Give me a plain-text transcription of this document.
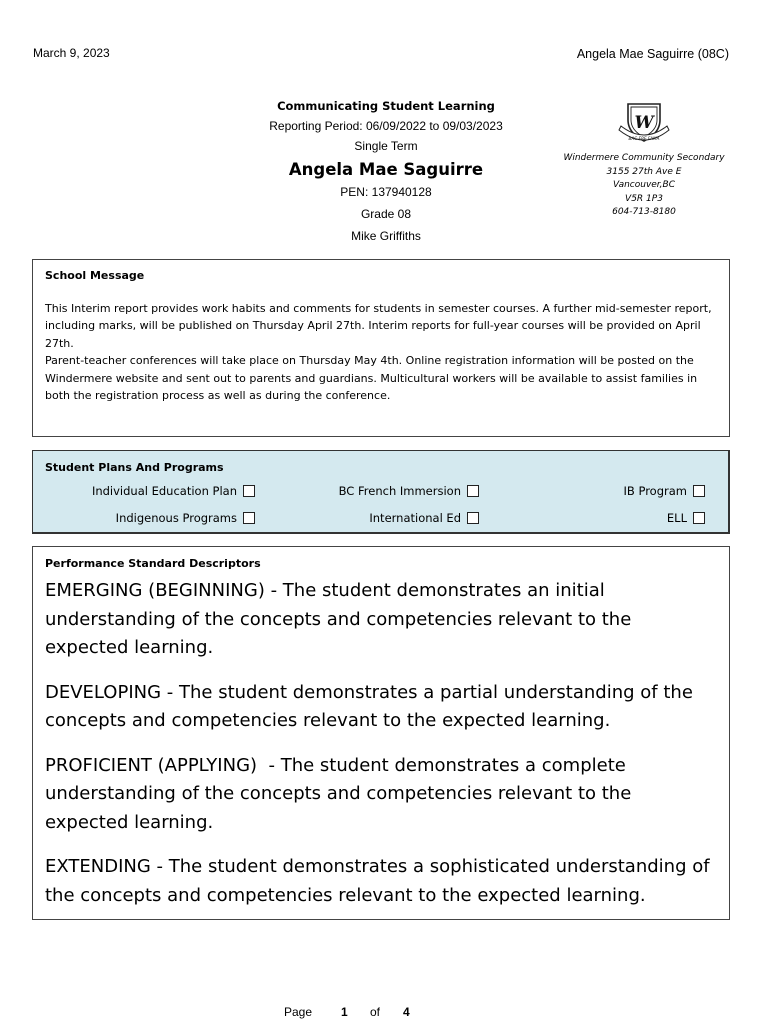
March 9, 2023	Angela Mae Saguirre (08C)
Communicating Student Learning
Reporting Period: 06/09/2022 to 09/03/2023
Single Term
Angela Mae Saguirre
PEN: 137940128
Grade 08
Mike Griffiths
W
BAC ERE FAMA
Windermere Community Secondary
3155 27th Ave E
Vancouver,BC
V5R 1P3
604-713-8180
School Message
This Interim report provides work habits and comments for students in semester courses. A further mid-semester report, including marks, will be published on Thursday April 27th. Interim reports for full-year courses will be provided on April 27th.
Parent-teacher conferences will take place on Thursday May 4th. Online registration information will be posted on the Windermere website and sent out to parents and guardians. Multicultural workers will be available to assist families in both the registration process as well as during the conference.
Student Plans And Programs
Individual Education Plan	BC French Immersion	IB Program
Indigenous Programs	International Ed	ELL
Performance Standard Descriptors

EMERGING (BEGINNING) - The student demonstrates an initial understanding of the concepts and competencies relevant to the expected learning.

DEVELOPING - The student demonstrates a partial understanding of the concepts and competencies relevant to the expected learning.

PROFICIENT (APPLYING)  - The student demonstrates a complete understanding of the concepts and competencies relevant to the expected learning.

EXTENDING - The student demonstrates a sophisticated understanding of the concepts and competencies relevant to the expected learning.

Page 1 of 4
